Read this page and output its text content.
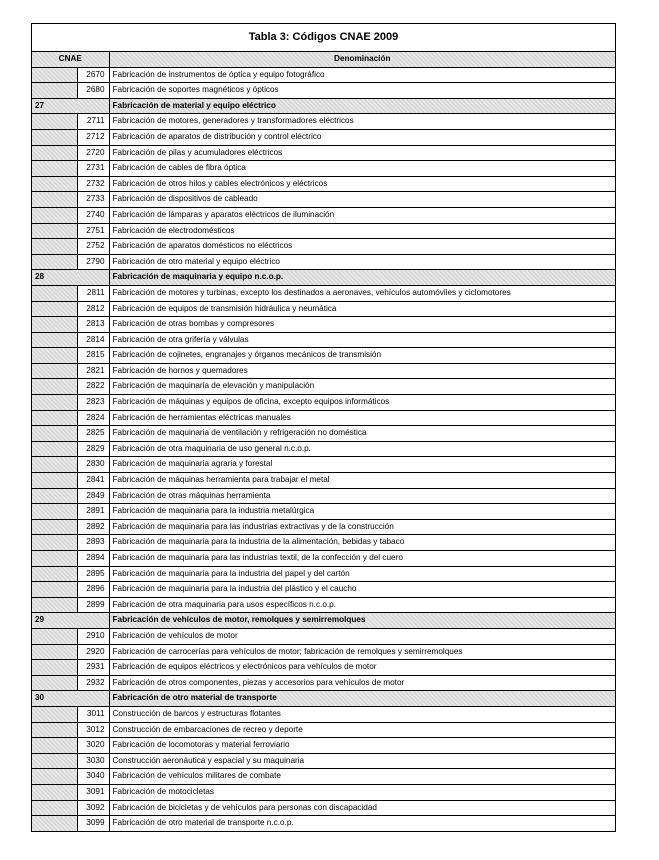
Tabla 3: Códigos CNAE 2009
CNAE		Denominación
	2670	Fabricación de instrumentos de óptica y equipo fotográfico
	2680	Fabricación de soportes magnéticos y ópticos
27		Fabricación de material y equipo eléctrico
	2711	Fabricación de motores, generadores y transformadores eléctricos
	2712	Fabricación de aparatos de distribución y control eléctrico
	2720	Fabricación de pilas y acumuladores eléctricos
	2731	Fabricación de cables de fibra óptica
	2732	Fabricación de otros hilos y cables electrónicos y eléctricos
	2733	Fabricación de dispositivos de cableado
	2740	Fabricación de lámparas y aparatos eléctricos de iluminación
	2751	Fabricación de electrodomésticos
	2752	Fabricación de aparatos domésticos no eléctricos
	2790	Fabricación de otro material y equipo eléctrico
28		Fabricación de maquinaria y equipo n.c.o.p.
	2811	Fabricación de motores y turbinas, excepto los destinados a aeronaves, vehículos automóviles y ciclomotores
	2812	Fabricación de equipos de transmisión hidráulica y neumática
	2813	Fabricación de otras bombas y compresores
	2814	Fabricación de otra grifería y válvulas
	2815	Fabricación de cojinetes, engranajes y órganos mecánicos de transmisión
	2821	Fabricación de hornos y quemadores
	2822	Fabricación de maquinaria de elevación y manipulación
	2823	Fabricación de máquinas y equipos de oficina, excepto equipos informáticos
	2824	Fabricación de herramientas eléctricas manuales
	2825	Fabricación de maquinaria de ventilación y refrigeración no doméstica
	2829	Fabricación de otra maquinaria de uso general n.c.o.p.
	2830	Fabricación de maquinaria agraria y forestal
	2841	Fabricación de máquinas herramienta para trabajar el metal
	2849	Fabricación de otras máquinas herramienta
	2891	Fabricación de maquinaria para la industria metalúrgica
	2892	Fabricación de maquinaria para las industrias extractivas y de la construcción
	2893	Fabricación de maquinaria para la industria de la alimentación, bebidas y tabaco
	2894	Fabricación de maquinaria para las industrias textil, de la confección y del cuero
	2895	Fabricación de maquinaria para la industria del papel y del cartón
	2896	Fabricación de maquinaria para la industria del plástico y el caucho
	2899	Fabricación de otra maquinaria para usos específicos n.c.o.p.
29		Fabricación de vehículos de motor, remolques y semirremolques
	2910	Fabricación de vehículos de motor
	2920	Fabricación de carrocerías para vehículos de motor; fabricación de remolques y semirremolques
	2931	Fabricación de equipos eléctricos y electrónicos para vehículos de motor
	2932	Fabricación de otros componentes, piezas y accesorios para vehículos de motor
30		Fabricación de otro material de transporte
	3011	Construcción de barcos y estructuras flotantes
	3012	Construcción de embarcaciones de recreo y deporte
	3020	Fabricación de locomotoras y material ferroviario
	3030	Construcción aeronáutica y espacial y su maquinaria
	3040	Fabricación de vehículos militares de combate
	3091	Fabricación de motocicletas
	3092	Fabricación de bicicletas y de vehículos para personas con discapacidad
	3099	Fabricación de otro material de transporte n.c.o.p.
